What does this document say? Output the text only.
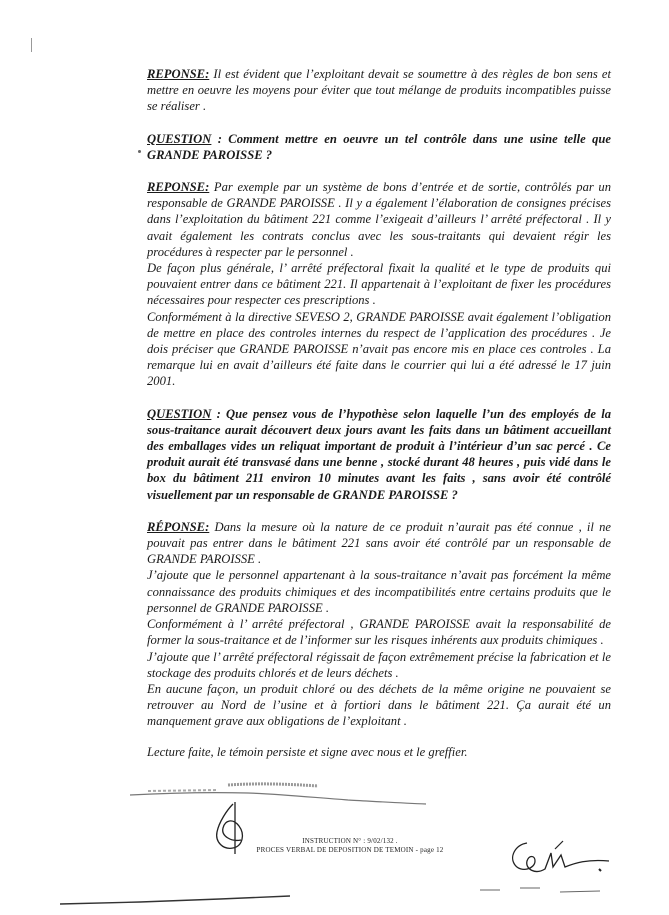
REPONSE: Il est évident que l’exploitant devait se soumettre à des règles de bon sens et mettre en oeuvre les moyens pour éviter que tout mélange de produits incompatibles puisse se réaliser .

QUESTION : Comment mettre en oeuvre un tel contrôle dans une usine telle que GRANDE PAROISSE ?

REPONSE: Par exemple par un système de bons d’entrée et de sortie, contrôlés par un responsable de GRANDE PAROISSE . Il y a également l’élaboration de consignes précises dans l’exploitation du bâtiment 221 comme l’exigeait d’ailleurs l’ arrêté préfectoral . Il y avait également les contrats conclus avec les sous-traitants qui devaient régir les procédures à respecter par le personnel .

De façon plus générale, l’ arrêté préfectoral fixait la qualité et le type de produits qui pouvaient entrer dans ce bâtiment 221. Il appartenait à l’exploitant de fixer les procédures nécessaires pour respecter ces prescriptions .

Conformément à la directive SEVESO 2, GRANDE PAROISSE avait également l’obligation de mettre en place des controles internes du respect de l’application des procédures . Je dois préciser que GRANDE PAROISSE n’avait pas encore mis en place ces controles . La remarque lui en avait d’ailleurs été faite dans le courrier qui lui a été adressé le 17 juin 2001.

QUESTION : Que pensez vous de l’hypothèse selon laquelle l’un des employés de la sous-traitance aurait découvert deux jours avant les faits dans un bâtiment accueillant des emballages vides un reliquat important de produit à l’intérieur d’un sac percé . Ce produit aurait été transvasé dans une benne , stocké durant 48 heures , puis vidé dans le box du bâtiment 211 environ 10 minutes avant les faits , sans avoir été contrôlé visuellement par un responsable de GRANDE PAROISSE ?

RÉPONSE: Dans la mesure où la nature de ce produit n’aurait pas été connue , il ne pouvait pas entrer dans le bâtiment 221 sans avoir été contrôlé par un responsable de GRANDE PAROISSE .

J’ajoute que le personnel appartenant à la sous-traitance n’avait pas forcément la même connaissance des produits chimiques et des incompatibilités entre certains produits que le personnel de GRANDE PAROISSE .

Conformément à l’ arrêté préfectoral , GRANDE PAROISSE avait la responsabilité de former la sous-traitance et de l’informer sur les risques inhérents aux produits chimiques .

J’ajoute que l’ arrêté préfectoral régissait de façon extrêmement précise la fabrication et le stockage des produits chlorés et de leurs déchets .

En aucune façon, un produit chloré ou des déchets de la même origine ne pouvaient se retrouver au Nord de l’usine et à fortiori dans le bâtiment 221. Ça aurait été un manquement grave aux obligations de l’exploitant .

Lecture faite, le témoin persiste et signe avec nous et le greffier.
INSTRUCTION N° : 9/02/132 .
PROCES VERBAL DE DEPOSITION DE TEMOIN - page 12
